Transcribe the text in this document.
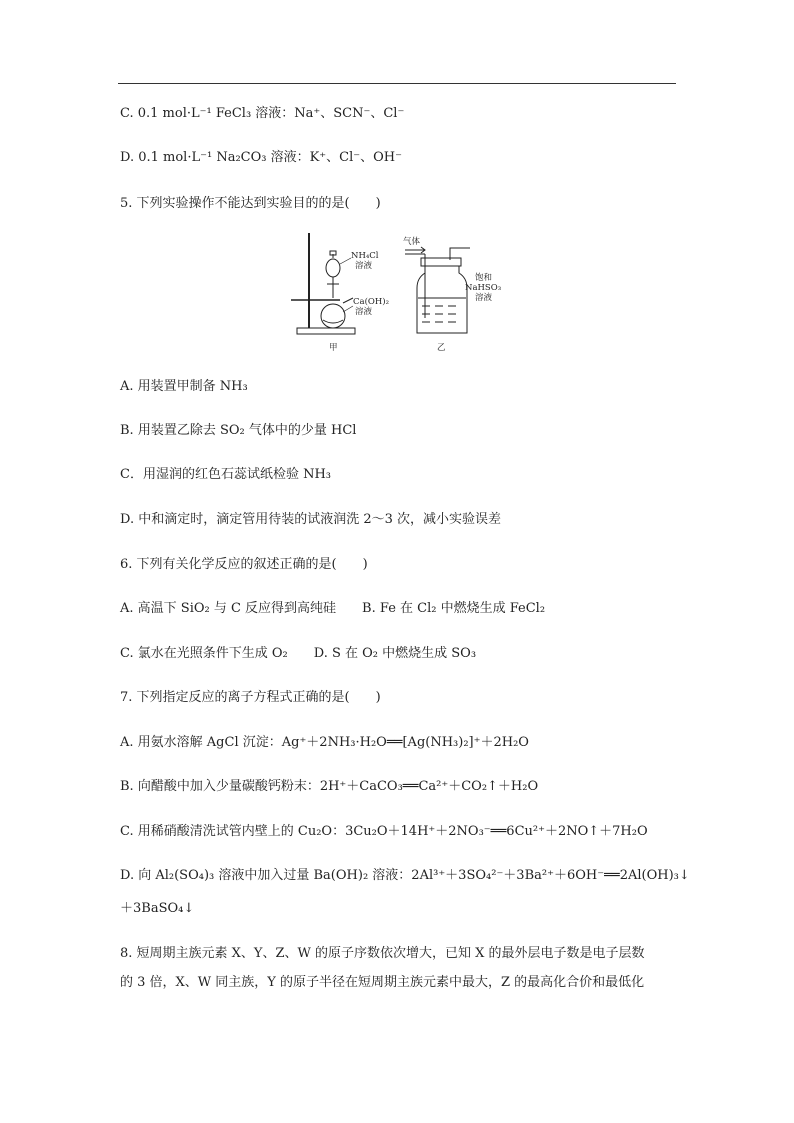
C. 0.1 mol·L⁻¹ FeCl₃ 溶液：Na⁺、SCN⁻、Cl⁻
D. 0.1 mol·L⁻¹ Na₂CO₃ 溶液：K⁺、Cl⁻、OH⁻
5. 下列实验操作不能达到实验目的的是(　　)
NH₄Cl
溶液
Ca(OH)₂
溶液
甲
气体
饱和
NaHSO₃
溶液
乙
A. 用装置甲制备 NH₃
B. 用装置乙除去 SO₂ 气体中的少量 HCl
C．用湿润的红色石蕊试纸检验 NH₃
D. 中和滴定时，滴定管用待装的试液润洗 2～3 次，减小实验误差
6. 下列有关化学反应的叙述正确的是(　　)
A. 高温下 SiO₂ 与 C 反应得到高纯硅　　B. Fe 在 Cl₂ 中燃烧生成 FeCl₂
C. 氯水在光照条件下生成 O₂　　D. S 在 O₂ 中燃烧生成 SO₃
7. 下列指定反应的离子方程式正确的是(　　)
A. 用氨水溶解 AgCl 沉淀：Ag⁺＋2NH₃·H₂O══[Ag(NH₃)₂]⁺＋2H₂O
B. 向醋酸中加入少量碳酸钙粉末：2H⁺＋CaCO₃══Ca²⁺＋CO₂↑＋H₂O
C. 用稀硝酸清洗试管内壁上的 Cu₂O：3Cu₂O＋14H⁺＋2NO₃⁻══6Cu²⁺＋2NO↑＋7H₂O
D. 向 Al₂(SO₄)₃ 溶液中加入过量 Ba(OH)₂ 溶液：2Al³⁺＋3SO₄²⁻＋3Ba²⁺＋6OH⁻══2Al(OH)₃↓
＋3BaSO₄↓
8. 短周期主族元素 X、Y、Z、W 的原子序数依次增大，已知 X 的最外层电子数是电子层数
的 3 倍，X、W 同主族，Y 的原子半径在短周期主族元素中最大，Z 的最高化合价和最低化
